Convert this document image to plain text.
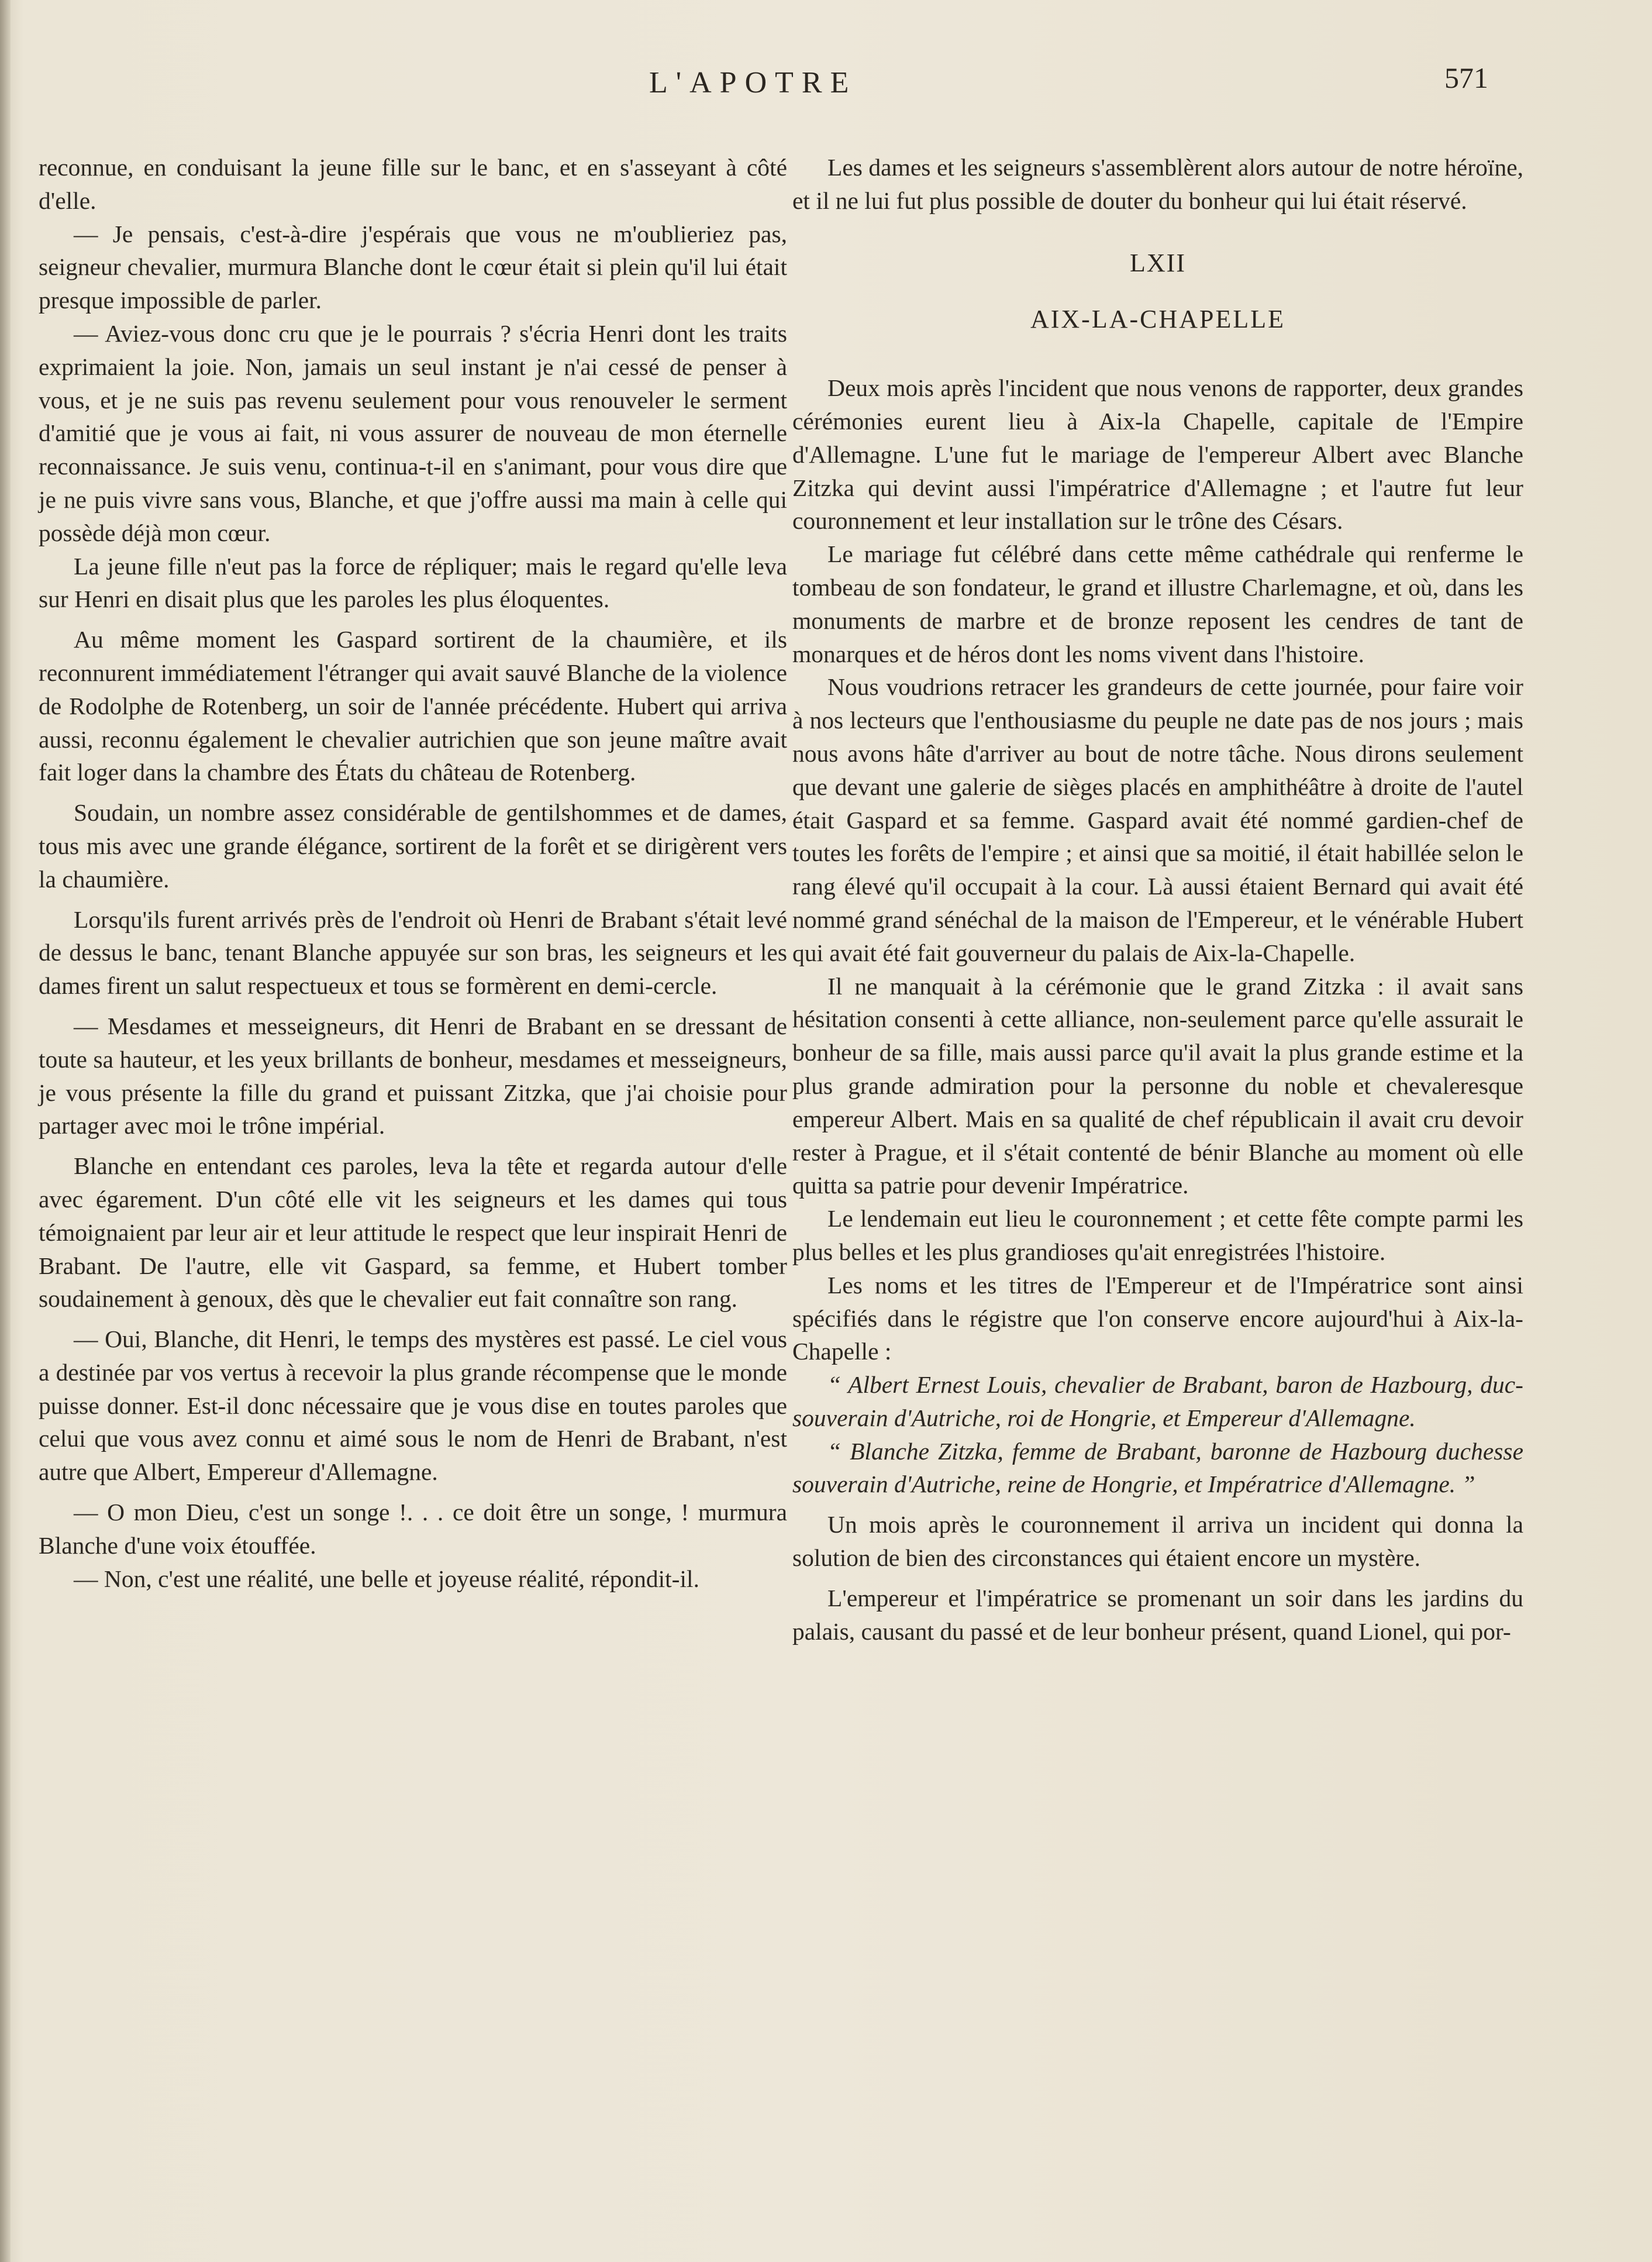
L'APOTRE	571

reconnue, en conduisant la jeune fille sur le banc, et en s'asseyant à côté d'elle.

— Je pensais, c'est-à-dire j'espérais que vous ne m'oublieriez pas, seigneur chevalier, murmura Blanche dont le cœur était si plein qu'il lui était presque impossible de parler.

— Aviez-vous donc cru que je le pourrais ? s'écria Henri dont les traits exprimaient la joie. Non, jamais un seul instant je n'ai cessé de penser à vous, et je ne suis pas revenu seulement pour vous renouveler le serment d'amitié que je vous ai fait, ni vous assurer de nouveau de mon éternelle reconnaissance. Je suis venu, continua-t-il en s'animant, pour vous dire que je ne puis vivre sans vous, Blanche, et que j'offre aussi ma main à celle qui possède déjà mon cœur.

La jeune fille n'eut pas la force de répliquer; mais le regard qu'elle leva sur Henri en disait plus que les paroles les plus éloquentes.

Au même moment les Gaspard sortirent de la chaumière, et ils reconnurent immédiatement l'étranger qui avait sauvé Blanche de la violence de Rodolphe de Rotenberg, un soir de l'année précédente. Hubert qui arriva aussi, reconnu également le chevalier autrichien que son jeune maître avait fait loger dans la chambre des États du château de Rotenberg.

Soudain, un nombre assez considérable de gentilshommes et de dames, tous mis avec une grande élégance, sortirent de la forêt et se dirigèrent vers la chaumière.

Lorsqu'ils furent arrivés près de l'endroit où Henri de Brabant s'était levé de dessus le banc, tenant Blanche appuyée sur son bras, les seigneurs et les dames firent un salut respectueux et tous se formèrent en demi-cercle.

— Mesdames et messeigneurs, dit Henri de Brabant en se dressant de toute sa hauteur, et les yeux brillants de bonheur, mesdames et messeigneurs, je vous présente la fille du grand et puissant Zitzka, que j'ai choisie pour partager avec moi le trône impérial.

Blanche en entendant ces paroles, leva la tête et regarda autour d'elle avec égarement. D'un côté elle vit les seigneurs et les dames qui tous témoignaient par leur air et leur attitude le respect que leur inspirait Henri de Brabant. De l'autre, elle vit Gaspard, sa femme, et Hubert tomber soudainement à genoux, dès que le chevalier eut fait connaître son rang.

— Oui, Blanche, dit Henri, le temps des mystères est passé. Le ciel vous a destinée par vos vertus à recevoir la plus grande récompense que le monde puisse donner. Est-il donc nécessaire que je vous dise en toutes paroles que celui que vous avez connu et aimé sous le nom de Henri de Brabant, n'est autre que Albert, Empereur d'Allemagne.

— O mon Dieu, c'est un songe !. . . ce doit être un songe, ! murmura Blanche d'une voix étouffée.

— Non, c'est une réalité, une belle et joyeuse réalité, répondit-il.

Les dames et les seigneurs s'assemblèrent alors autour de notre héroïne, et il ne lui fut plus possible de douter du bonheur qui lui était réservé.

LXII

AIX-LA-CHAPELLE

Deux mois après l'incident que nous venons de rapporter, deux grandes cérémonies eurent lieu à Aix-la Chapelle, capitale de l'Empire d'Allemagne. L'une fut le mariage de l'empereur Albert avec Blanche Zitzka qui devint aussi l'impératrice d'Allemagne ; et l'autre fut leur couronnement et leur installation sur le trône des Césars.

Le mariage fut célébré dans cette même cathédrale qui renferme le tombeau de son fondateur, le grand et illustre Charlemagne, et où, dans les monuments de marbre et de bronze reposent les cendres de tant de monarques et de héros dont les noms vivent dans l'histoire.

Nous voudrions retracer les grandeurs de cette journée, pour faire voir à nos lecteurs que l'enthousiasme du peuple ne date pas de nos jours ; mais nous avons hâte d'arriver au bout de notre tâche. Nous dirons seulement que devant une galerie de sièges placés en amphithéâtre à droite de l'autel était Gaspard et sa femme. Gaspard avait été nommé gardien-chef de toutes les forêts de l'empire ; et ainsi que sa moitié, il était habillée selon le rang élevé qu'il occupait à la cour. Là aussi étaient Bernard qui avait été nommé grand sénéchal de la maison de l'Empereur, et le vénérable Hubert qui avait été fait gouverneur du palais de Aix-la-Chapelle.

Il ne manquait à la cérémonie que le grand Zitzka : il avait sans hésitation consenti à cette alliance, non-seulement parce qu'elle assurait le bonheur de sa fille, mais aussi parce qu'il avait la plus grande estime et la plus grande admiration pour la personne du noble et chevaleresque empereur Albert. Mais en sa qualité de chef républicain il avait cru devoir rester à Prague, et il s'était contenté de bénir Blanche au moment où elle quitta sa patrie pour devenir Impératrice.

Le lendemain eut lieu le couronnement ; et cette fête compte parmi les plus belles et les plus grandioses qu'ait enregistrées l'histoire.

Les noms et les titres de l'Empereur et de l'Impératrice sont ainsi spécifiés dans le régistre que l'on conserve encore aujourd'hui à Aix-la-Chapelle :

“ Albert Ernest Louis, chevalier de Brabant, baron de Hazbourg, duc-souverain d'Autriche, roi de Hongrie, et Empereur d'Allemagne.

“ Blanche Zitzka, femme de Brabant, baronne de Hazbourg duchesse souverain d'Autriche, reine de Hongrie, et Impératrice d'Allemagne. ”

Un mois après le couronnement il arriva un incident qui donna la solution de bien des circonstances qui étaient encore un mystère.

L'empereur et l'impératrice se promenant un soir dans les jardins du palais, causant du passé et de leur bonheur présent, quand Lionel, qui por-
